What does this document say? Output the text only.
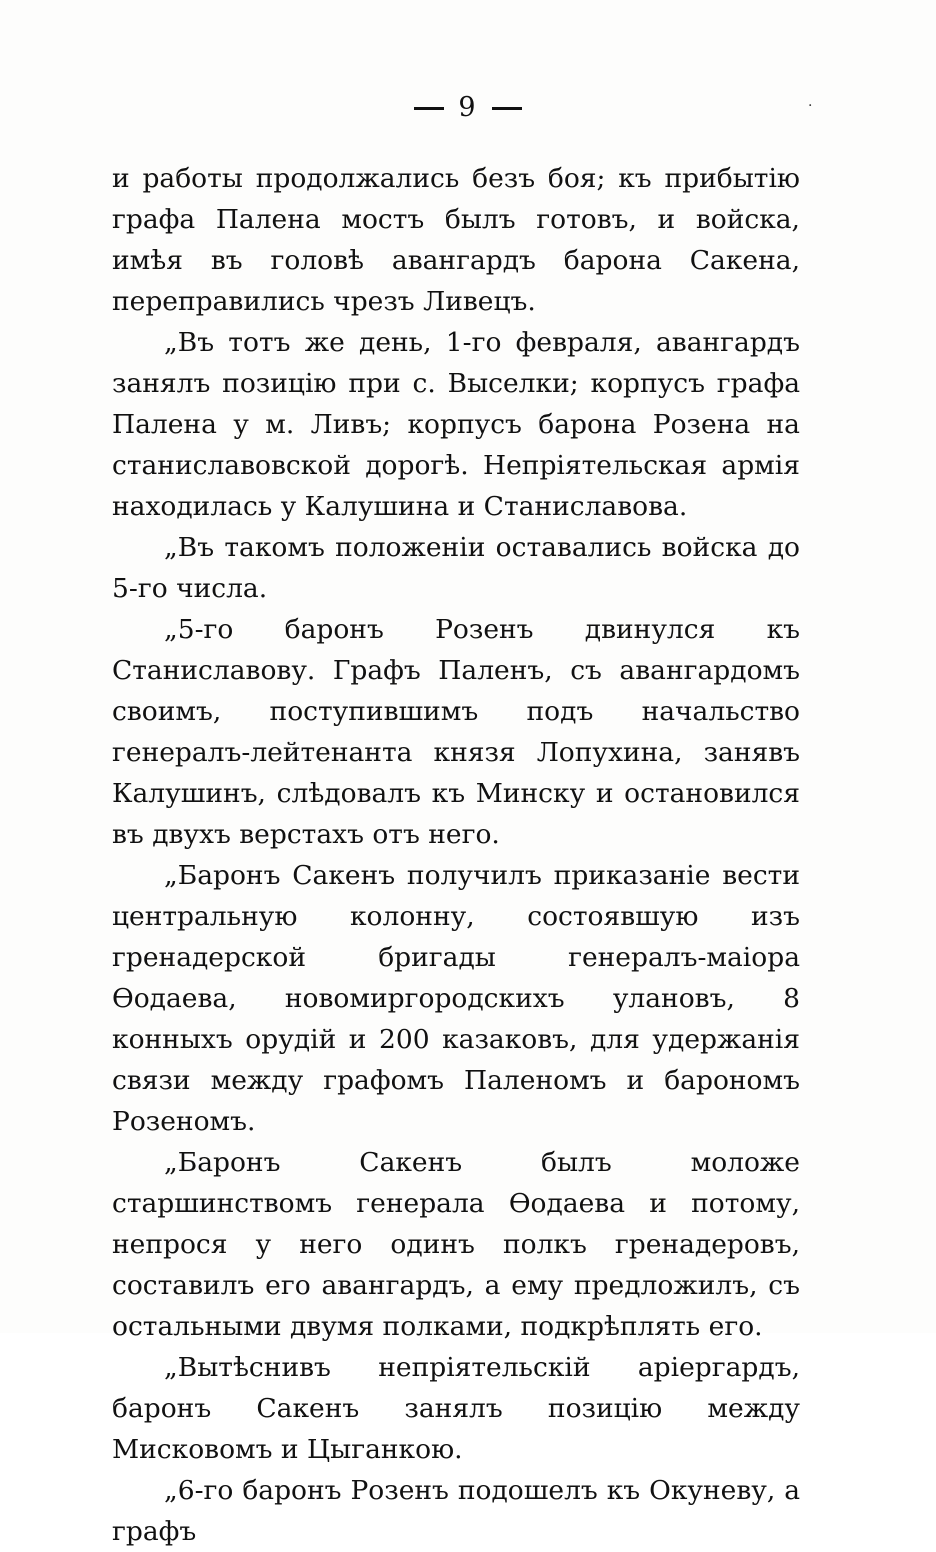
9	·

и работы продолжались безъ боя; къ прибытію графа Палена мостъ былъ готовъ, и войска, имѣя въ головѣ авангардъ барона Сакена, переправились чрезъ Ливецъ.

„Въ тотъ же день, 1-го февраля, авангардъ занялъ позицію при с. Выселки; корпусъ графа Палена у м. Ливъ; корпусъ барона Розена на станиславовской дорогѣ. Непріятельская армія находилась у Калушина и Станиславова.

„Въ такомъ положеніи оставались войска до 5-го числа.

„5-го баронъ Розенъ двинулся къ Станиславову. Графъ Паленъ, съ авангардомъ своимъ, поступившимъ подъ начальство генералъ-лейтенанта князя Лопухина, занявъ Калушинъ, слѣдовалъ къ Минску и остановился въ двухъ верстахъ отъ него.

„Баронъ Сакенъ получилъ приказаніе вести центральную колонну, состоявшую изъ гренадерской бригады генералъ-маіора Өодаева, новомиргородскихъ улановъ, 8 конныхъ орудій и 200 казаковъ, для удержанія связи между графомъ Паленомъ и барономъ Розеномъ.

„Баронъ Сакенъ былъ моложе старшинствомъ генерала Өодаева и потому, непрося у него одинъ полкъ гренадеровъ, составилъ его авангардъ, а ему предложилъ, съ остальными двумя полками, подкрѣплять его.

„Вытѣснивъ непріятельскій аріергардъ, баронъ Сакенъ занялъ позицію между Мисковомъ и Цыганкою.

„6-го баронъ Розенъ подошелъ къ Окуневу, а графъ
